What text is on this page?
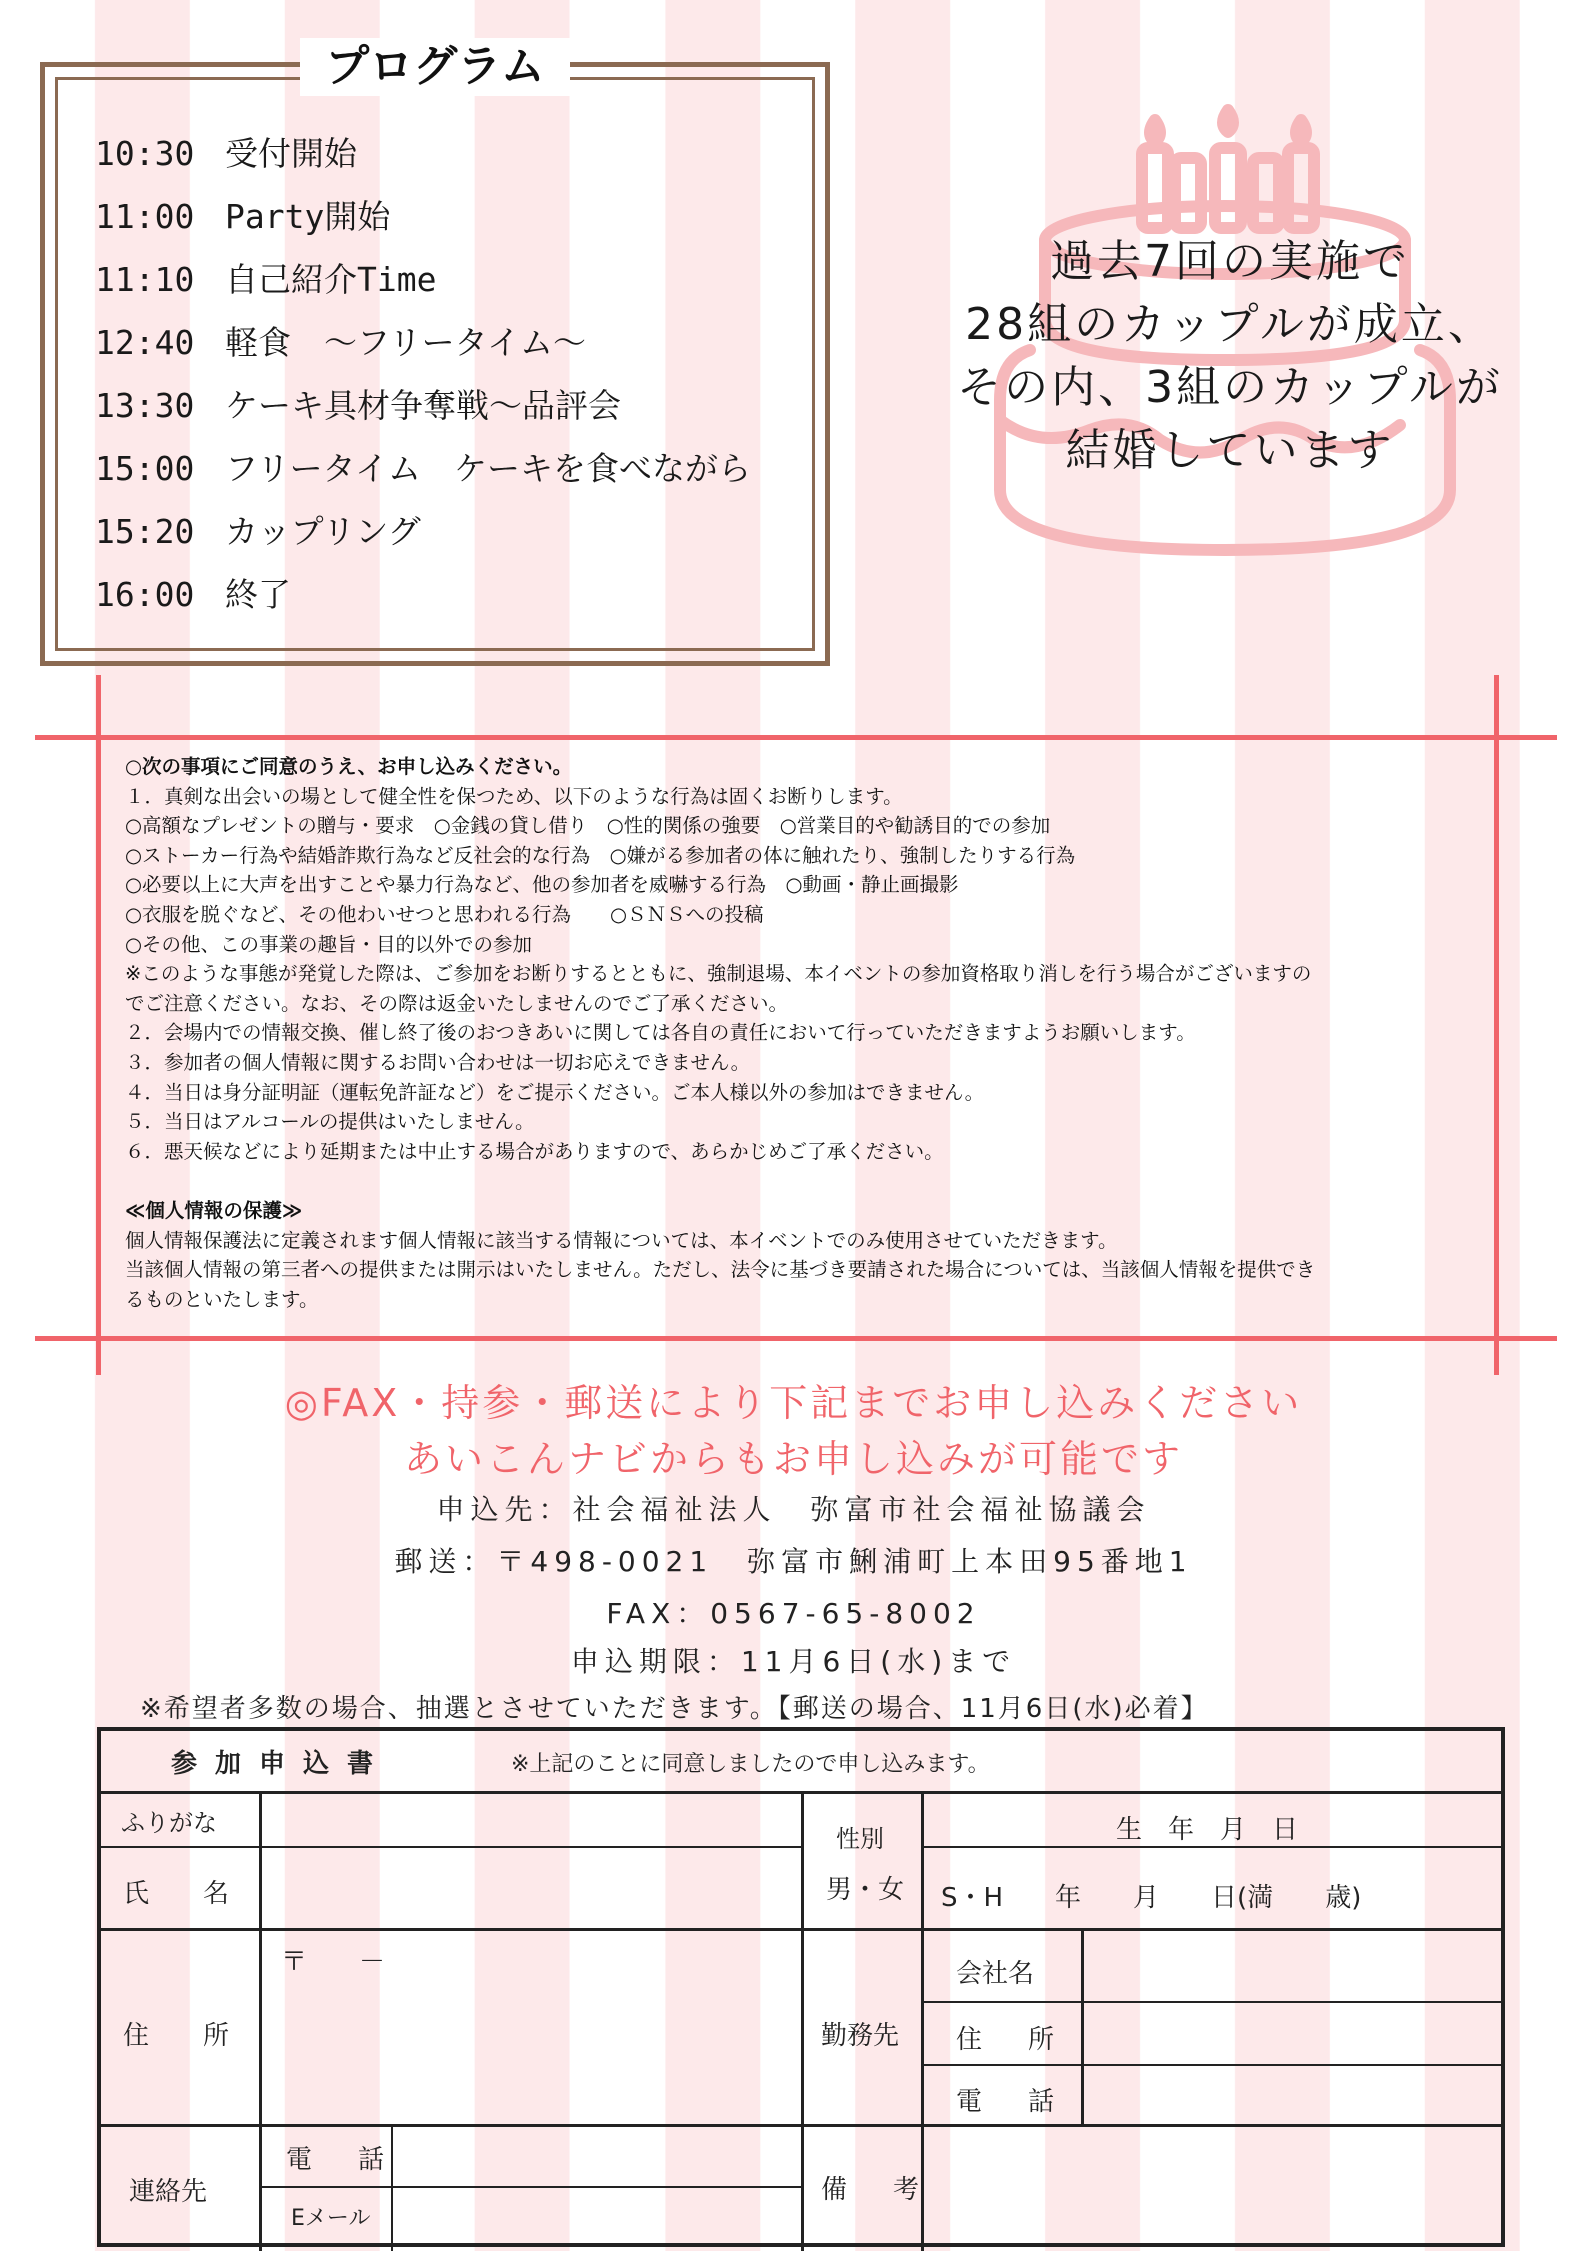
プログラム
10:30 受付開始
11:00 Party開始
11:10 自己紹介Time
12:40 軽食　～フリータイム～
13:30 ケーキ具材争奪戦～品評会
15:00 フリータイム　ケーキを食べながら
15:20 カップリング
16:00 終了
過去7回の実施で
28組のカップルが成立、
その内、3組のカップルが
結婚しています

○次の事項にご同意のうえ、お申し込みください。

１．真剣な出会いの場として健全性を保つため、以下のような行為は固くお断りします。

○高額なプレゼントの贈与・要求　○金銭の貸し借り　○性的関係の強要　○営業目的や勧誘目的での参加

○ストーカー行為や結婚詐欺行為など反社会的な行為　○嫌がる参加者の体に触れたり、強制したりする行為

○必要以上に大声を出すことや暴力行為など、他の参加者を威嚇する行為　○動画・静止画撮影

○衣服を脱ぐなど、その他わいせつと思われる行為　　○ＳＮＳへの投稿

○その他、この事業の趣旨・目的以外での参加

※このような事態が発覚した際は、ご参加をお断りするとともに、強制退場、本イベントの参加資格取り消しを行う場合がございますの

でご注意ください。なお、その際は返金いたしませんのでご了承ください。

２．会場内での情報交換、催し終了後のおつきあいに関しては各自の責任において行っていただきますようお願いします。

３．参加者の個人情報に関するお問い合わせは一切お応えできません。

４．当日は身分証明証（運転免許証など）をご提示ください。ご本人様以外の参加はできません。

５．当日はアルコールの提供はいたしません。

６．悪天候などにより延期または中止する場合がありますので、あらかじめご了承ください。

≪個人情報の保護≫

個人情報保護法に定義されます個人情報に該当する情報については、本イベントでのみ使用させていただきます。

当該個人情報の第三者への提供または開示はいたしません。ただし、法令に基づき要請された場合については、当該個人情報を提供でき

るものといたします。

◎FAX・持参・郵送により下記までお申し込みください
あいこんナビからもお申し込みが可能です
申込先：社会福祉法人　弥富市社会福祉協議会
郵送：〒498-0021　弥富市鯏浦町上本田95番地1
FAX：0567-65-8002
申込期限：11月6日(水)まで
※希望者多数の場合、抽選とさせていただきます。【郵送の場合、11月6日(水)必着】
参加申込書	※上記のことに同意しましたので申し込みます。
ふりがな
氏　名
性別
男・女
生　年　月　日
S・H　　年　　月　　日(満　　歳)
住　所
〒　　－
勤務先
会社名
住　所
電　話
連絡先
電　話
Eメール
備　考
